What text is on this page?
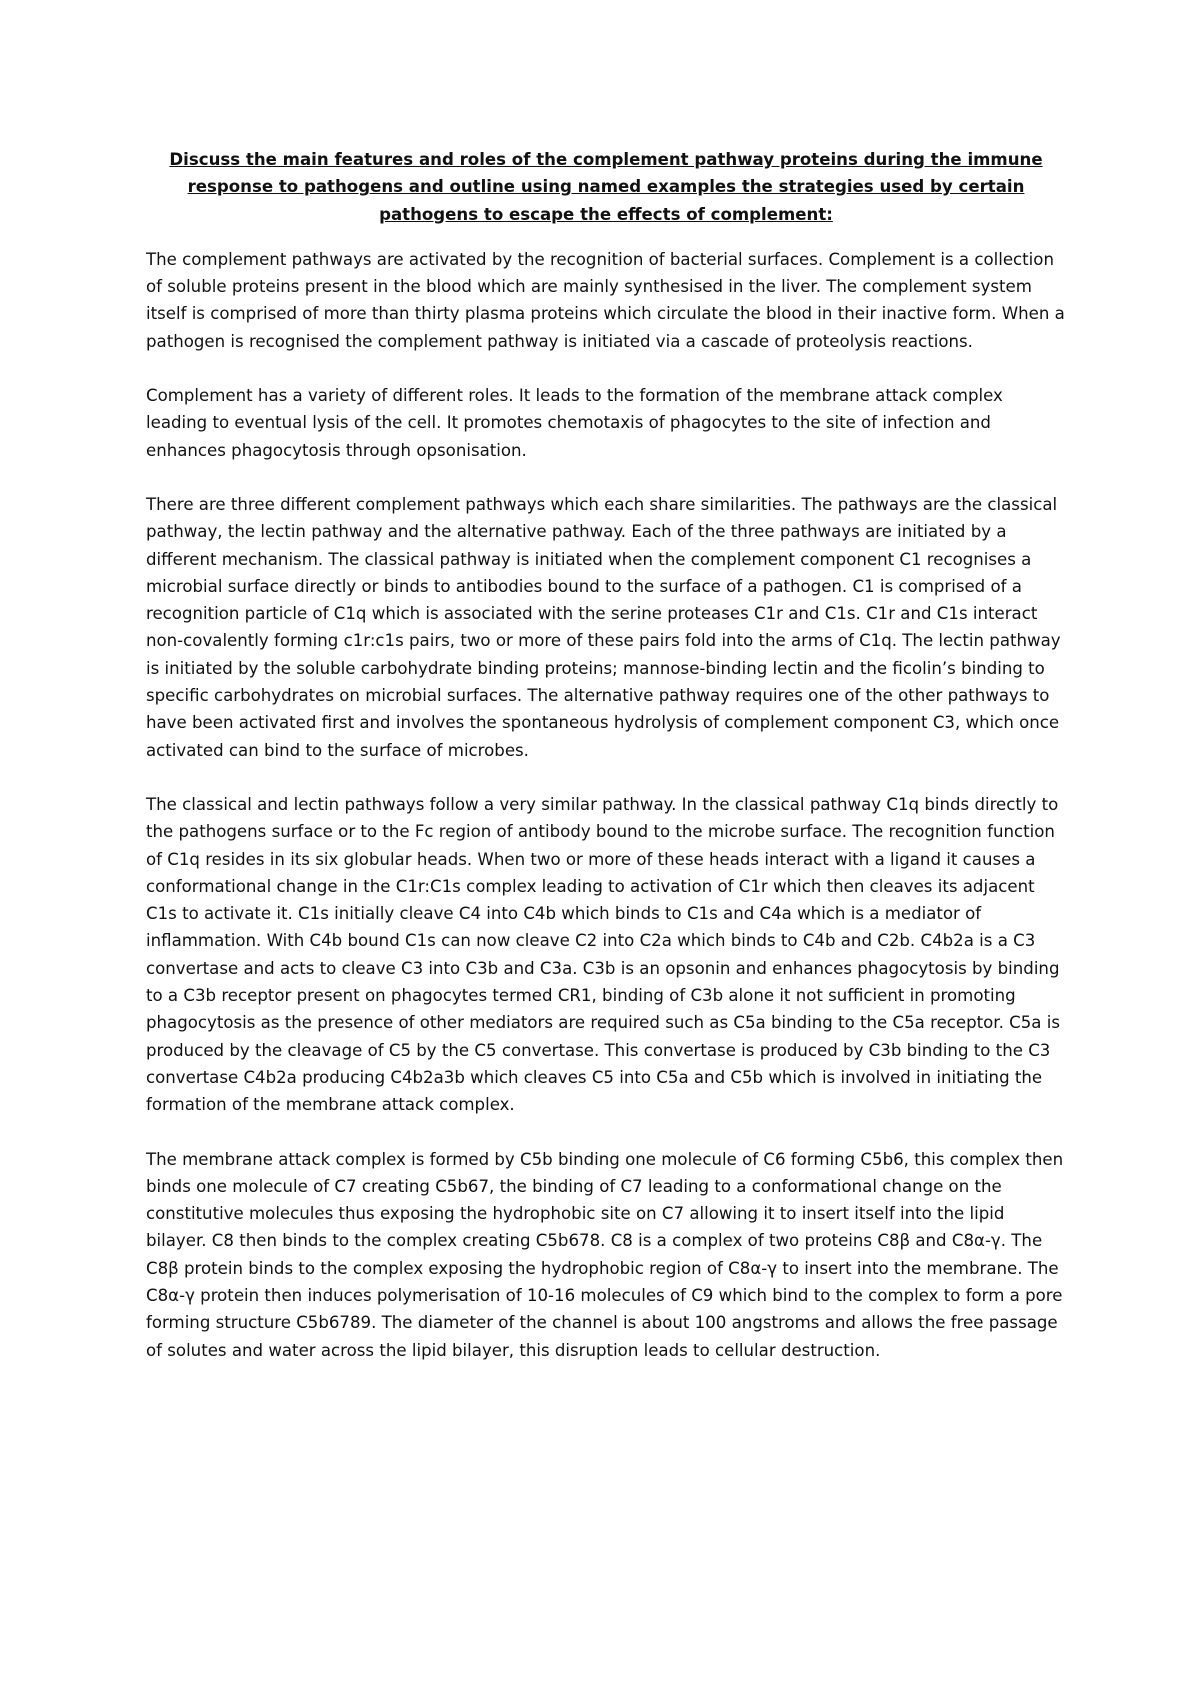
Discuss the main features and roles of the complement pathway proteins during the immune response to pathogens and outline using named examples the strategies used by certain pathogens to escape the effects of complement:

The complement pathways are activated by the recognition of bacterial surfaces. Complement is a collection of soluble proteins present in the blood which are mainly synthesised in the liver. The complement system itself is comprised of more than thirty plasma proteins which circulate the blood in their inactive form. When a pathogen is recognised the complement pathway is initiated via a cascade of proteolysis reactions.

Complement has a variety of different roles. It leads to the formation of the membrane attack complex leading to eventual lysis of the cell. It promotes chemotaxis of phagocytes to the site of infection and enhances phagocytosis through opsonisation.

There are three different complement pathways which each share similarities. The pathways are the classical pathway, the lectin pathway and the alternative pathway. Each of the three pathways are initiated by a different mechanism. The classical pathway is initiated when the complement component C1 recognises a microbial surface directly or binds to antibodies bound to the surface of a pathogen. C1 is comprised of a recognition particle of C1q which is associated with the serine proteases C1r and C1s. C1r and C1s interact non-covalently forming c1r:c1s pairs, two or more of these pairs fold into the arms of C1q. The lectin pathway is initiated by the soluble carbohydrate binding proteins; mannose-binding lectin and the ficolin’s binding to specific carbohydrates on microbial surfaces. The alternative pathway requires one of the other pathways to have been activated first and involves the spontaneous hydrolysis of complement component C3, which once activated can bind to the surface of microbes.

The classical and lectin pathways follow a very similar pathway. In the classical pathway C1q binds directly to the pathogens surface or to the Fc region of antibody bound to the microbe surface. The recognition function of C1q resides in its six globular heads. When two or more of these heads interact with a ligand it causes a conformational change in the C1r:C1s complex leading to activation of C1r which then cleaves its adjacent C1s to activate it. C1s initially cleave C4 into C4b which binds to C1s and C4a which is a mediator of inflammation. With C4b bound C1s can now cleave C2 into C2a which binds to C4b and C2b. C4b2a is a C3 convertase and acts to cleave C3 into C3b and C3a. C3b is an opsonin and enhances phagocytosis by binding to a C3b receptor present on phagocytes termed CR1, binding of C3b alone it not sufficient in promoting phagocytosis as the presence of other mediators are required such as C5a binding to the C5a receptor. C5a is produced by the cleavage of C5 by the C5 convertase. This convertase is produced by C3b binding to the C3 convertase C4b2a producing C4b2a3b which cleaves C5 into C5a and C5b which is involved in initiating the formation of the membrane attack complex.

The membrane attack complex is formed by C5b binding one molecule of C6 forming C5b6, this complex then binds one molecule of C7 creating C5b67, the binding of C7 leading to a conformational change on the constitutive molecules thus exposing the hydrophobic site on C7 allowing it to insert itself into the lipid bilayer. C8 then binds to the complex creating C5b678. C8 is a complex of two proteins C8β and C8α-γ. The C8β protein binds to the complex exposing the hydrophobic region of C8α-γ to insert into the membrane. The C8α-γ protein then induces polymerisation of 10-16 molecules of C9 which bind to the complex to form a pore forming structure C5b6789. The diameter of the channel is about 100 angstroms and allows the free passage of solutes and water across the lipid bilayer, this disruption leads to cellular destruction.
